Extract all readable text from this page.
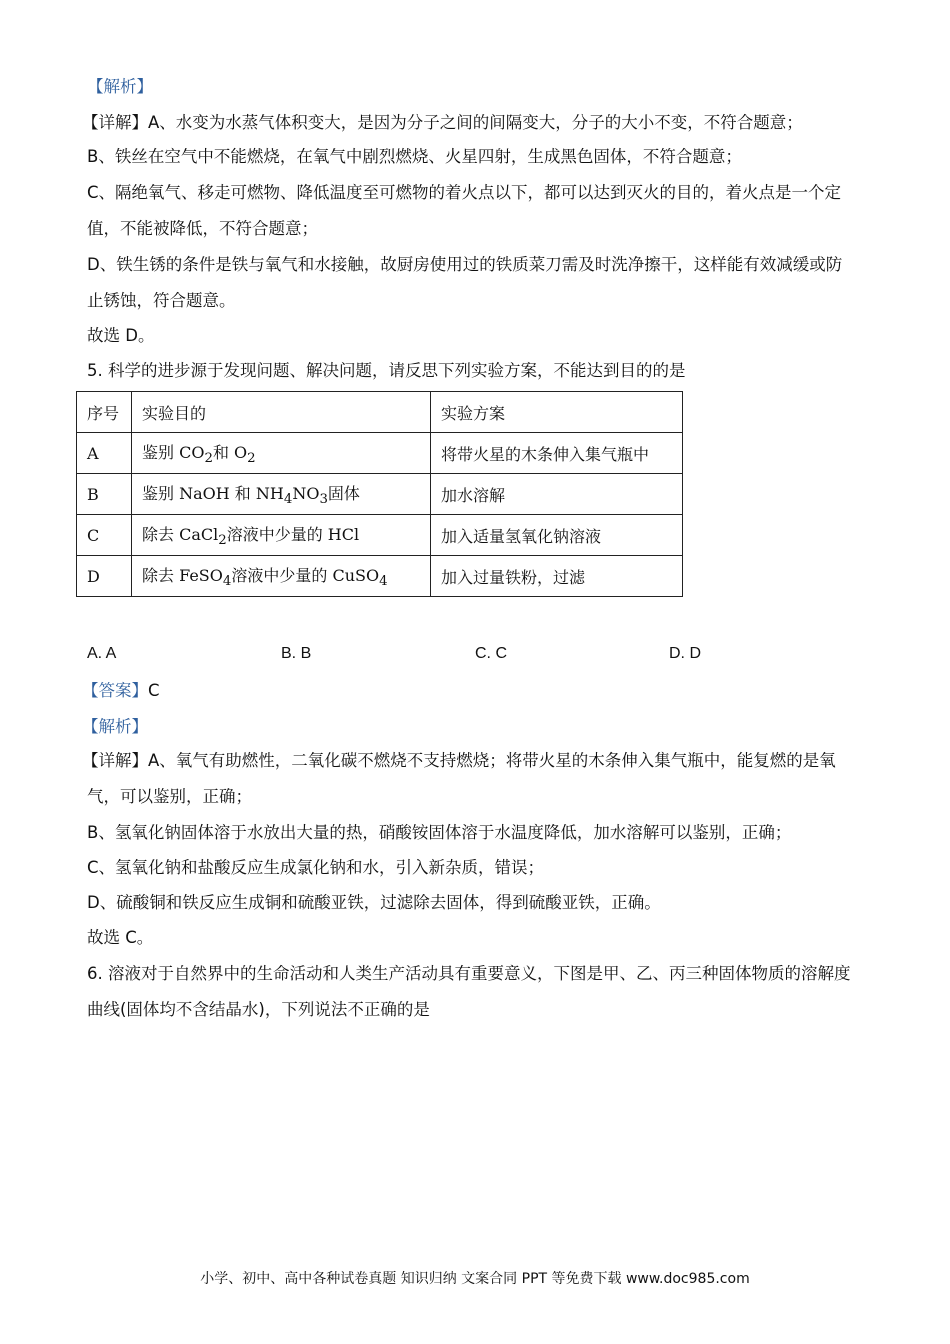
【解析】
【详解】A、水变为水蒸气体积变大，是因为分子之间的间隔变大，分子的大小不变，不符合题意；
B、铁丝在空气中不能燃烧，在氧气中剧烈燃烧、火星四射，生成黑色固体，不符合题意；
C、隔绝氧气、移走可燃物、降低温度至可燃物的着火点以下，都可以达到灭火的目的，着火点是一个定
值，不能被降低，不符合题意；
D、铁生锈的条件是铁与氧气和水接触，故厨房使用过的铁质菜刀需及时洗净擦干，这样能有效减缓或防
止锈蚀，符合题意。
故选 D。
5. 科学的进步源于发现问题、解决问题，请反思下列实验方案，不能达到目的的是
序号	实验目的	实验方案
A	鉴别 $CO_2$和 $O_2$	将带火星的木条伸入集气瓶中
B	鉴别 NaOH 和 $NH_4NO_3$固体	加水溶解
C	除去 CaCl$_2$溶液中少量的 HCl	加入适量氢氧化钠溶液
D	除去 FeSO$_4$溶液中少量的 CuSO$_4$	加入过量铁粉，过滤
A. A	B. B	C. C	D. D
【答案】C
【解析】
【详解】A、氧气有助燃性，二氧化碳不燃烧不支持燃烧；将带火星的木条伸入集气瓶中，能复燃的是氧
气，可以鉴别，正确；
B、氢氧化钠固体溶于水放出大量的热，硝酸铵固体溶于水温度降低，加水溶解可以鉴别，正确；
C、氢氧化钠和盐酸反应生成氯化钠和水，引入新杂质，错误；
D、硫酸铜和铁反应生成铜和硫酸亚铁，过滤除去固体，得到硫酸亚铁，正确。
故选 C。
6. 溶液对于自然界中的生命活动和人类生产活动具有重要意义，下图是甲、乙、丙三种固体物质的溶解度
曲线(固体均不含结晶水)，下列说法不正确的是
小学、初中、高中各种试卷真题 知识归纳 文案合同 PPT 等免费下载 www.doc985.com
